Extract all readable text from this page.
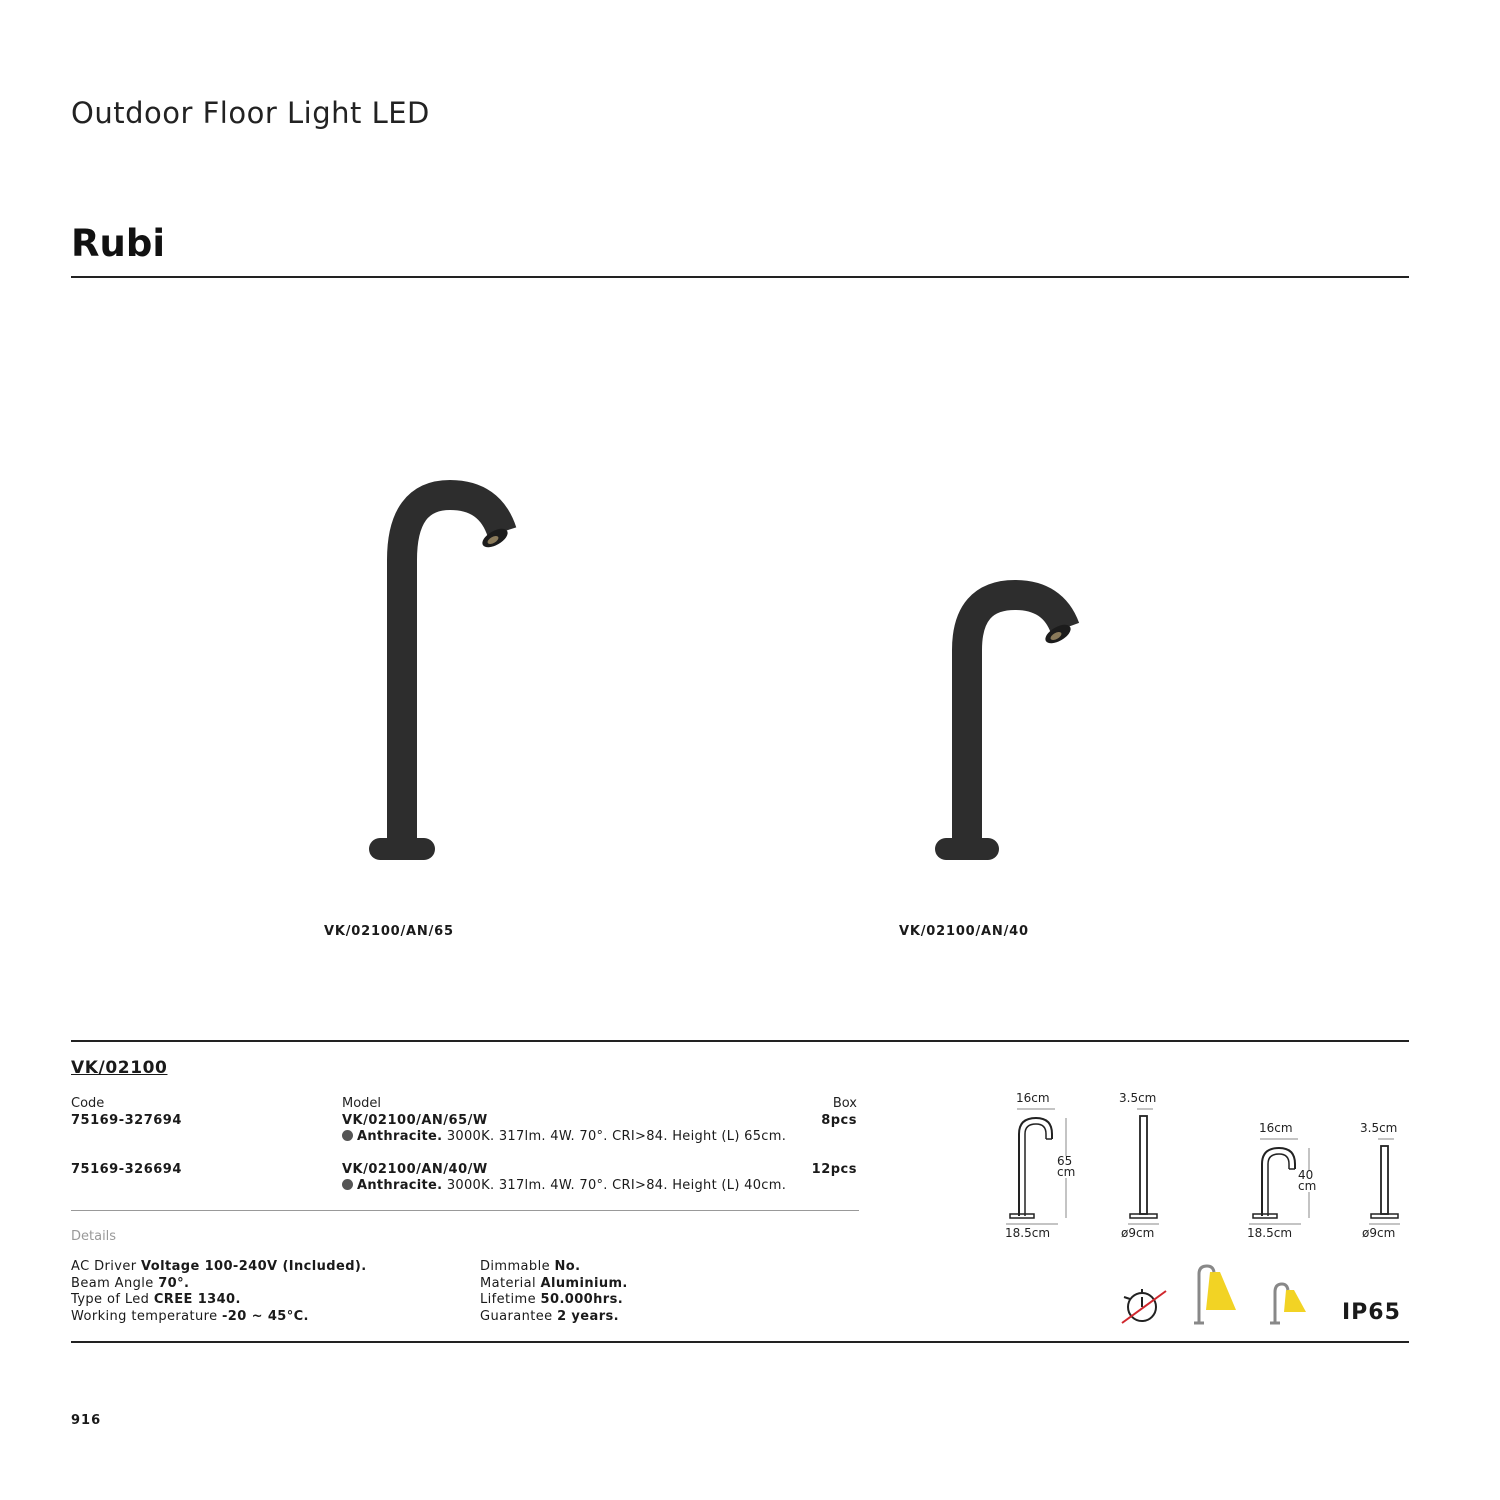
Outdoor Floor Light LED
Rubi
VK/02100/AN/65	VK/02100/AN/40
VK/02100
Code	Model	Box
75169-327694	VK/02100/AN/65/W	8pcs
Anthracite. 3000K. 317lm. 4W. 70°. CRI>84. Height (L) 65cm.
75169-326694	VK/02100/AN/40/W	12pcs
Anthracite. 3000K. 317lm. 4W. 70°. CRI>84. Height (L) 40cm.
Details
AC Driver Voltage 100-240V (Included).
Beam Angle 70°.
Type of Led CREE 1340.
Working temperature -20 ~ 45°C.
Dimmable No.
Material Aluminium.
Lifetime 50.000hrs.
Guarantee 2 years.
16cm
65
cm
18.5cm
3.5cm
ø9cm
16cm
40
cm
18.5cm
3.5cm
ø9cm
IP65
916
